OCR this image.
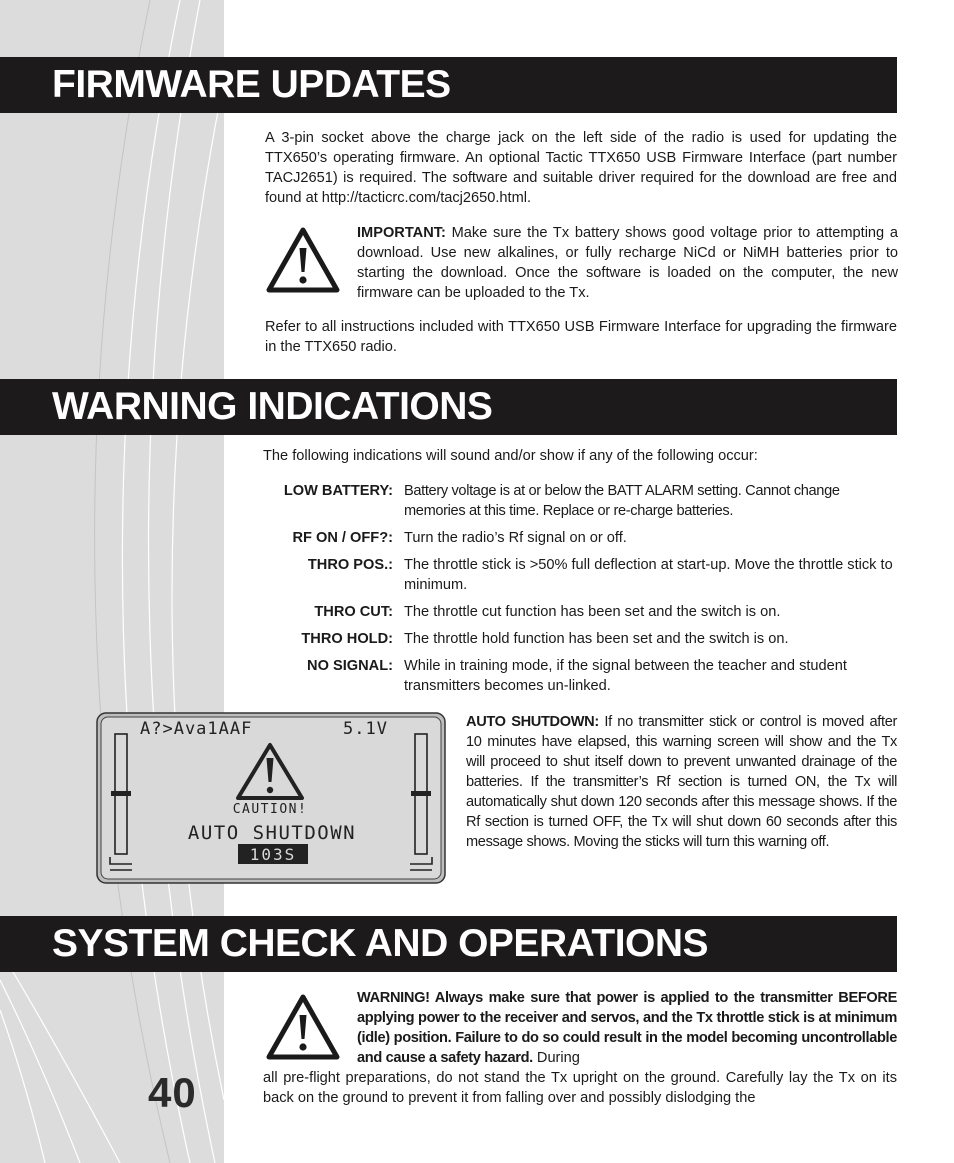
FIRMWARE UPDATES

A 3-pin socket above the charge jack on the left side of the radio is used for updating the TTX650’s operating firmware. An optional Tactic TTX650 USB Firmware Interface (part number TACJ2651) is required. The software and suitable driver required for the download are free and found at http://tacticrc.com/tacj2650.html.

IMPORTANT: Make sure the Tx battery shows good voltage prior to attempting a download. Use new alkalines, or fully recharge NiCd or NiMH batteries prior to starting the download. Once the software is loaded on the computer, the new firmware can be uploaded to the Tx.

Refer to all instructions included with TTX650 USB Firmware Interface for upgrading the firmware in the TTX650 radio.

WARNING INDICATIONS

The following indications will sound and/or show if any of the following occur:

LOW BATTERY: Battery voltage is at or below the BATT ALARM setting. Cannot change memories at this time. Replace or re-charge batteries.
RF ON / OFF?: Turn the radio’s Rf signal on or off.
THRO POS.: The throttle stick is >50% full deflection at start-up. Move the throttle stick to minimum.
THRO CUT: The throttle cut function has been set and the switch is on.
THRO HOLD: The throttle hold function has been set and the switch is on.
NO SIGNAL: While in training mode, if the signal between the teacher and student transmitters becomes un-linked.
A?>Ava1AAF	5.1V
CAUTION!
AUTO SHUTDOWN
103S

AUTO SHUTDOWN: If no transmitter stick or control is moved after 10 minutes have elapsed, this warning screen will show and the Tx will proceed to shut itself down to prevent unwanted drainage of the batteries. If the transmitter’s Rf section is turned ON, the Tx will automatically shut down 120 seconds after this message shows. If the Rf section is turned OFF, the Tx will shut down 60 seconds after this message shows. Moving the sticks will turn this warning off.

SYSTEM CHECK AND OPERATIONS

WARNING! Always make sure that power is applied to the transmitter BEFORE applying power to the receiver and servos, and the Tx throttle stick is at minimum (idle) position. Failure to do so could result in the model becoming uncontrollable and cause a safety hazard. During

all pre-flight preparations, do not stand the Tx upright on the ground. Carefully lay the Tx on its back on the ground to prevent it from falling over and possibly dislodging the

40
